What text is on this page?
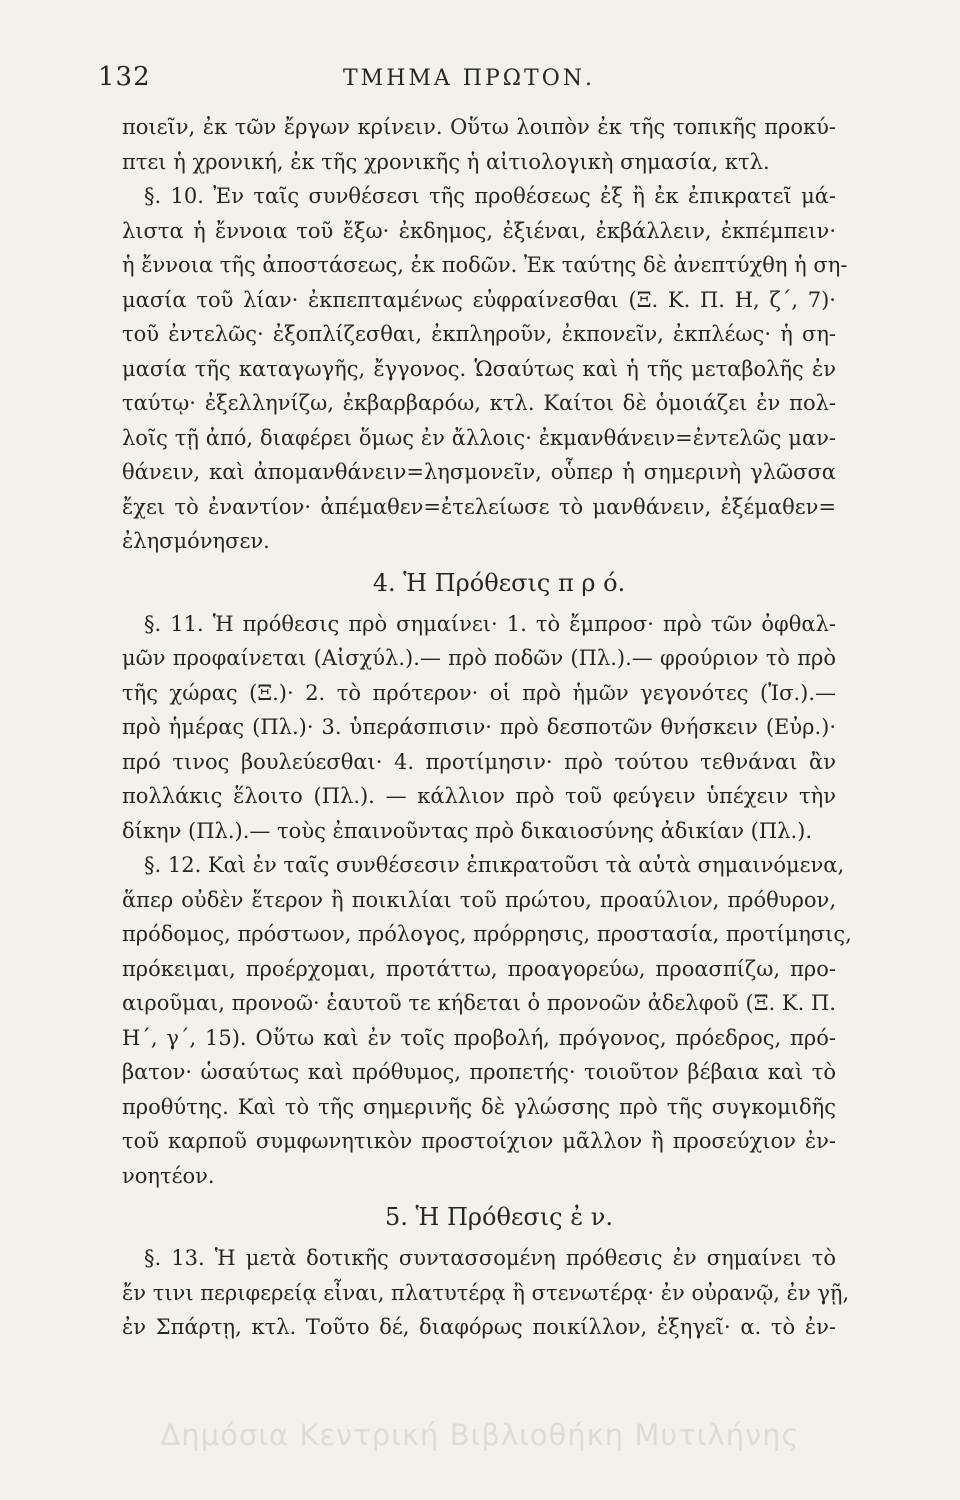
132	ΤΜΗΜΑ ΠΡΩΤΟΝ.
ποιεῖν, ἐκ τῶν ἔργων κρίνειν. Οὕτω λοιπὸν ἐκ τῆς τοπικῆς προκύ-
πτει ἡ χρονική, ἐκ τῆς χρονικῆς ἡ αἰτιολογικὴ σημασία, κτλ.
§. 10. Ἐν ταῖς συνθέσεσι τῆς προθέσεως ἐξ ἢ ἐκ ἐπικρατεῖ μά-
λιστα ἡ ἔννοια τοῦ ἔξω· ἐκδημος, ἐξιέναι, ἐκβάλλειν, ἐκπέμπειν·
ἡ ἔννοια τῆς ἀποστάσεως, ἐκ ποδῶν. Ἐκ ταύτης δὲ ἀνεπτύχθη ἡ ση-
μασία τοῦ λίαν· ἐκπεπταμένως εὐφραίνεσθαι (Ξ. Κ. Π. Η, ζ΄, 7)·
τοῦ ἐντελῶς· ἐξοπλίζεσθαι, ἐκπληροῦν, ἐκπονεῖν, ἐκπλέως· ἡ ση-
μασία τῆς καταγωγῆς, ἔγγονος. Ὡσαύτως καὶ ἡ τῆς μεταβολῆς ἐν
ταύτῳ· ἐξελληνίζω, ἐκβαρβαρόω, κτλ. Καίτοι δὲ ὁμοιάζει ἐν πολ-
λοῖς τῇ ἀπό, διαφέρει ὅμως ἐν ἄλλοις· ἐκμανθάνειν=ἐντελῶς μαν-
θάνειν, καὶ ἀπομανθάνειν=λησμονεῖν, οὗπερ ἡ σημερινὴ γλῶσσα
ἔχει τὸ ἐναντίον· ἀπέμαθεν=ἐτελείωσε τὸ μανθάνειν, ἐξέμαθεν=
ἐλησμόνησεν.
4. Ἡ Πρόθεσις π ρ ό.
§. 11. Ἡ πρόθεσις πρὸ σημαίνει· 1. τὸ ἔμπροσ· πρὸ τῶν ὀφθαλ-
μῶν προφαίνεται (Αἰσχύλ.).— πρὸ ποδῶν (Πλ.).— φρούριον τὸ πρὸ
τῆς χώρας (Ξ.)· 2. τὸ πρότερον· οἱ πρὸ ἡμῶν γεγονότες (Ἰσ.).—
πρὸ ἡμέρας (Πλ.)· 3. ὑπεράσπισιν· πρὸ δεσποτῶν θνήσκειν (Εὐρ.)·
πρό τινος βουλεύεσθαι· 4. προτίμησιν· πρὸ τούτου τεθνάναι ἂν
πολλάκις ἕλοιτο (Πλ.). — κάλλιον πρὸ τοῦ φεύγειν ὑπέχειν τὴν
δίκην (Πλ.).— τοὺς ἐπαινοῦντας πρὸ δικαιοσύνης ἀδικίαν (Πλ.).
§. 12. Καὶ ἐν ταῖς συνθέσεσιν ἐπικρατοῦσι τὰ αὐτὰ σημαινόμενα,
ἅπερ οὐδὲν ἕτερον ἢ ποικιλίαι τοῦ πρώτου, προαύλιον, πρόθυρον,
πρόδομος, πρόστωον, πρόλογος, πρόρρησις, προστασία, προτίμησις,
πρόκειμαι, προέρχομαι, προτάττω, προαγορεύω, προασπίζω, προ-
αιροῦμαι, προνοῶ· ἑαυτοῦ τε κήδεται ὁ προνοῶν ἀδελφοῦ (Ξ. Κ. Π.
Η΄, γ΄, 15). Οὕτω καὶ ἐν τοῖς προβολή, πρόγονος, πρόεδρος, πρό-
βατον· ὡσαύτως καὶ πρόθυμος, προπετής· τοιοῦτον βέβαια καὶ τὸ
προθύτης. Καὶ τὸ τῆς σημερινῆς δὲ γλώσσης πρὸ τῆς συγκομιδῆς
τοῦ καρποῦ συμφωνητικὸν προστοίχιον μᾶλλον ἢ προσεύχιον ἐν-
νοητέον.
5. Ἡ Πρόθεσις ἐ ν.
§. 13. Ἡ μετὰ δοτικῆς συντασσομένη πρόθεσις ἐν σημαίνει τὸ
ἔν τινι περιφερείᾳ εἶναι, πλατυτέρᾳ ἢ στενωτέρᾳ· ἐν οὐρανῷ, ἐν γῇ,
ἐν Σπάρτῃ, κτλ. Τοῦτο δέ, διαφόρως ποικίλλον, ἐξηγεῖ· α. τὸ ἐν-
Δημόσια Κεντρική Βιβλιοθήκη Μυτιλήνης
